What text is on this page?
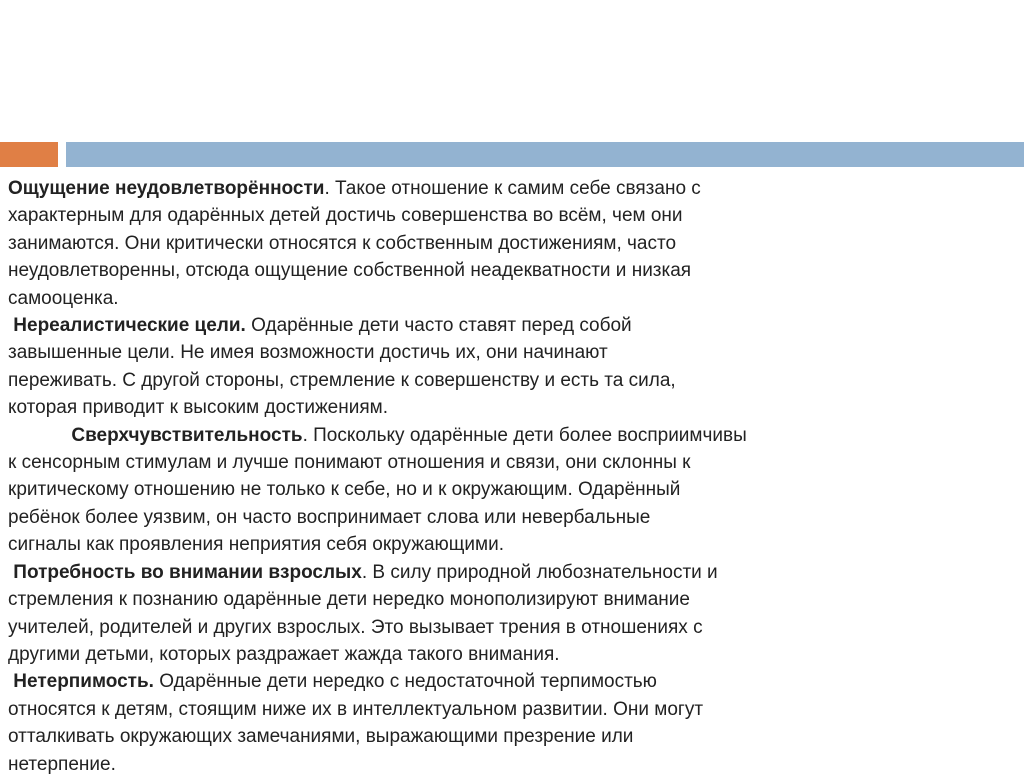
Ощущение неудовлетворённости. Такое отношение к самим себе связано с
характерным для одарённых детей достичь совершенства во всём, чем они
занимаются. Они критически относятся к собственным достижениям, часто
неудовлетворенны, отсюда ощущение собственной неадекватности и низкая
самооценка.
Нереалистические цели. Одарённые дети часто ставят перед собой
завышенные цели. Не имея возможности достичь их, они начинают
переживать. С другой стороны, стремление к совершенству и есть та сила,
которая приводит к высоким достижениям.
Сверхчувствительность. Поскольку одарённые дети более восприимчивы
к сенсорным стимулам и лучше понимают отношения и связи, они склонны к
критическому отношению не только к себе, но и к окружающим. Одарённый
ребёнок более уязвим, он часто воспринимает слова или невербальные
сигналы как проявления неприятия себя окружающими.
Потребность во внимании взрослых. В силу природной любознательности и
стремления к познанию одарённые дети нередко монополизируют внимание
учителей, родителей и других взрослых. Это вызывает трения в отношениях с
другими детьми, которых раздражает жажда такого внимания.
Нетерпимость. Одарённые дети нередко с недостаточной терпимостью
относятся к детям, стоящим ниже их в интеллектуальном развитии. Они могут
отталкивать окружающих замечаниями, выражающими презрение или
нетерпение.
